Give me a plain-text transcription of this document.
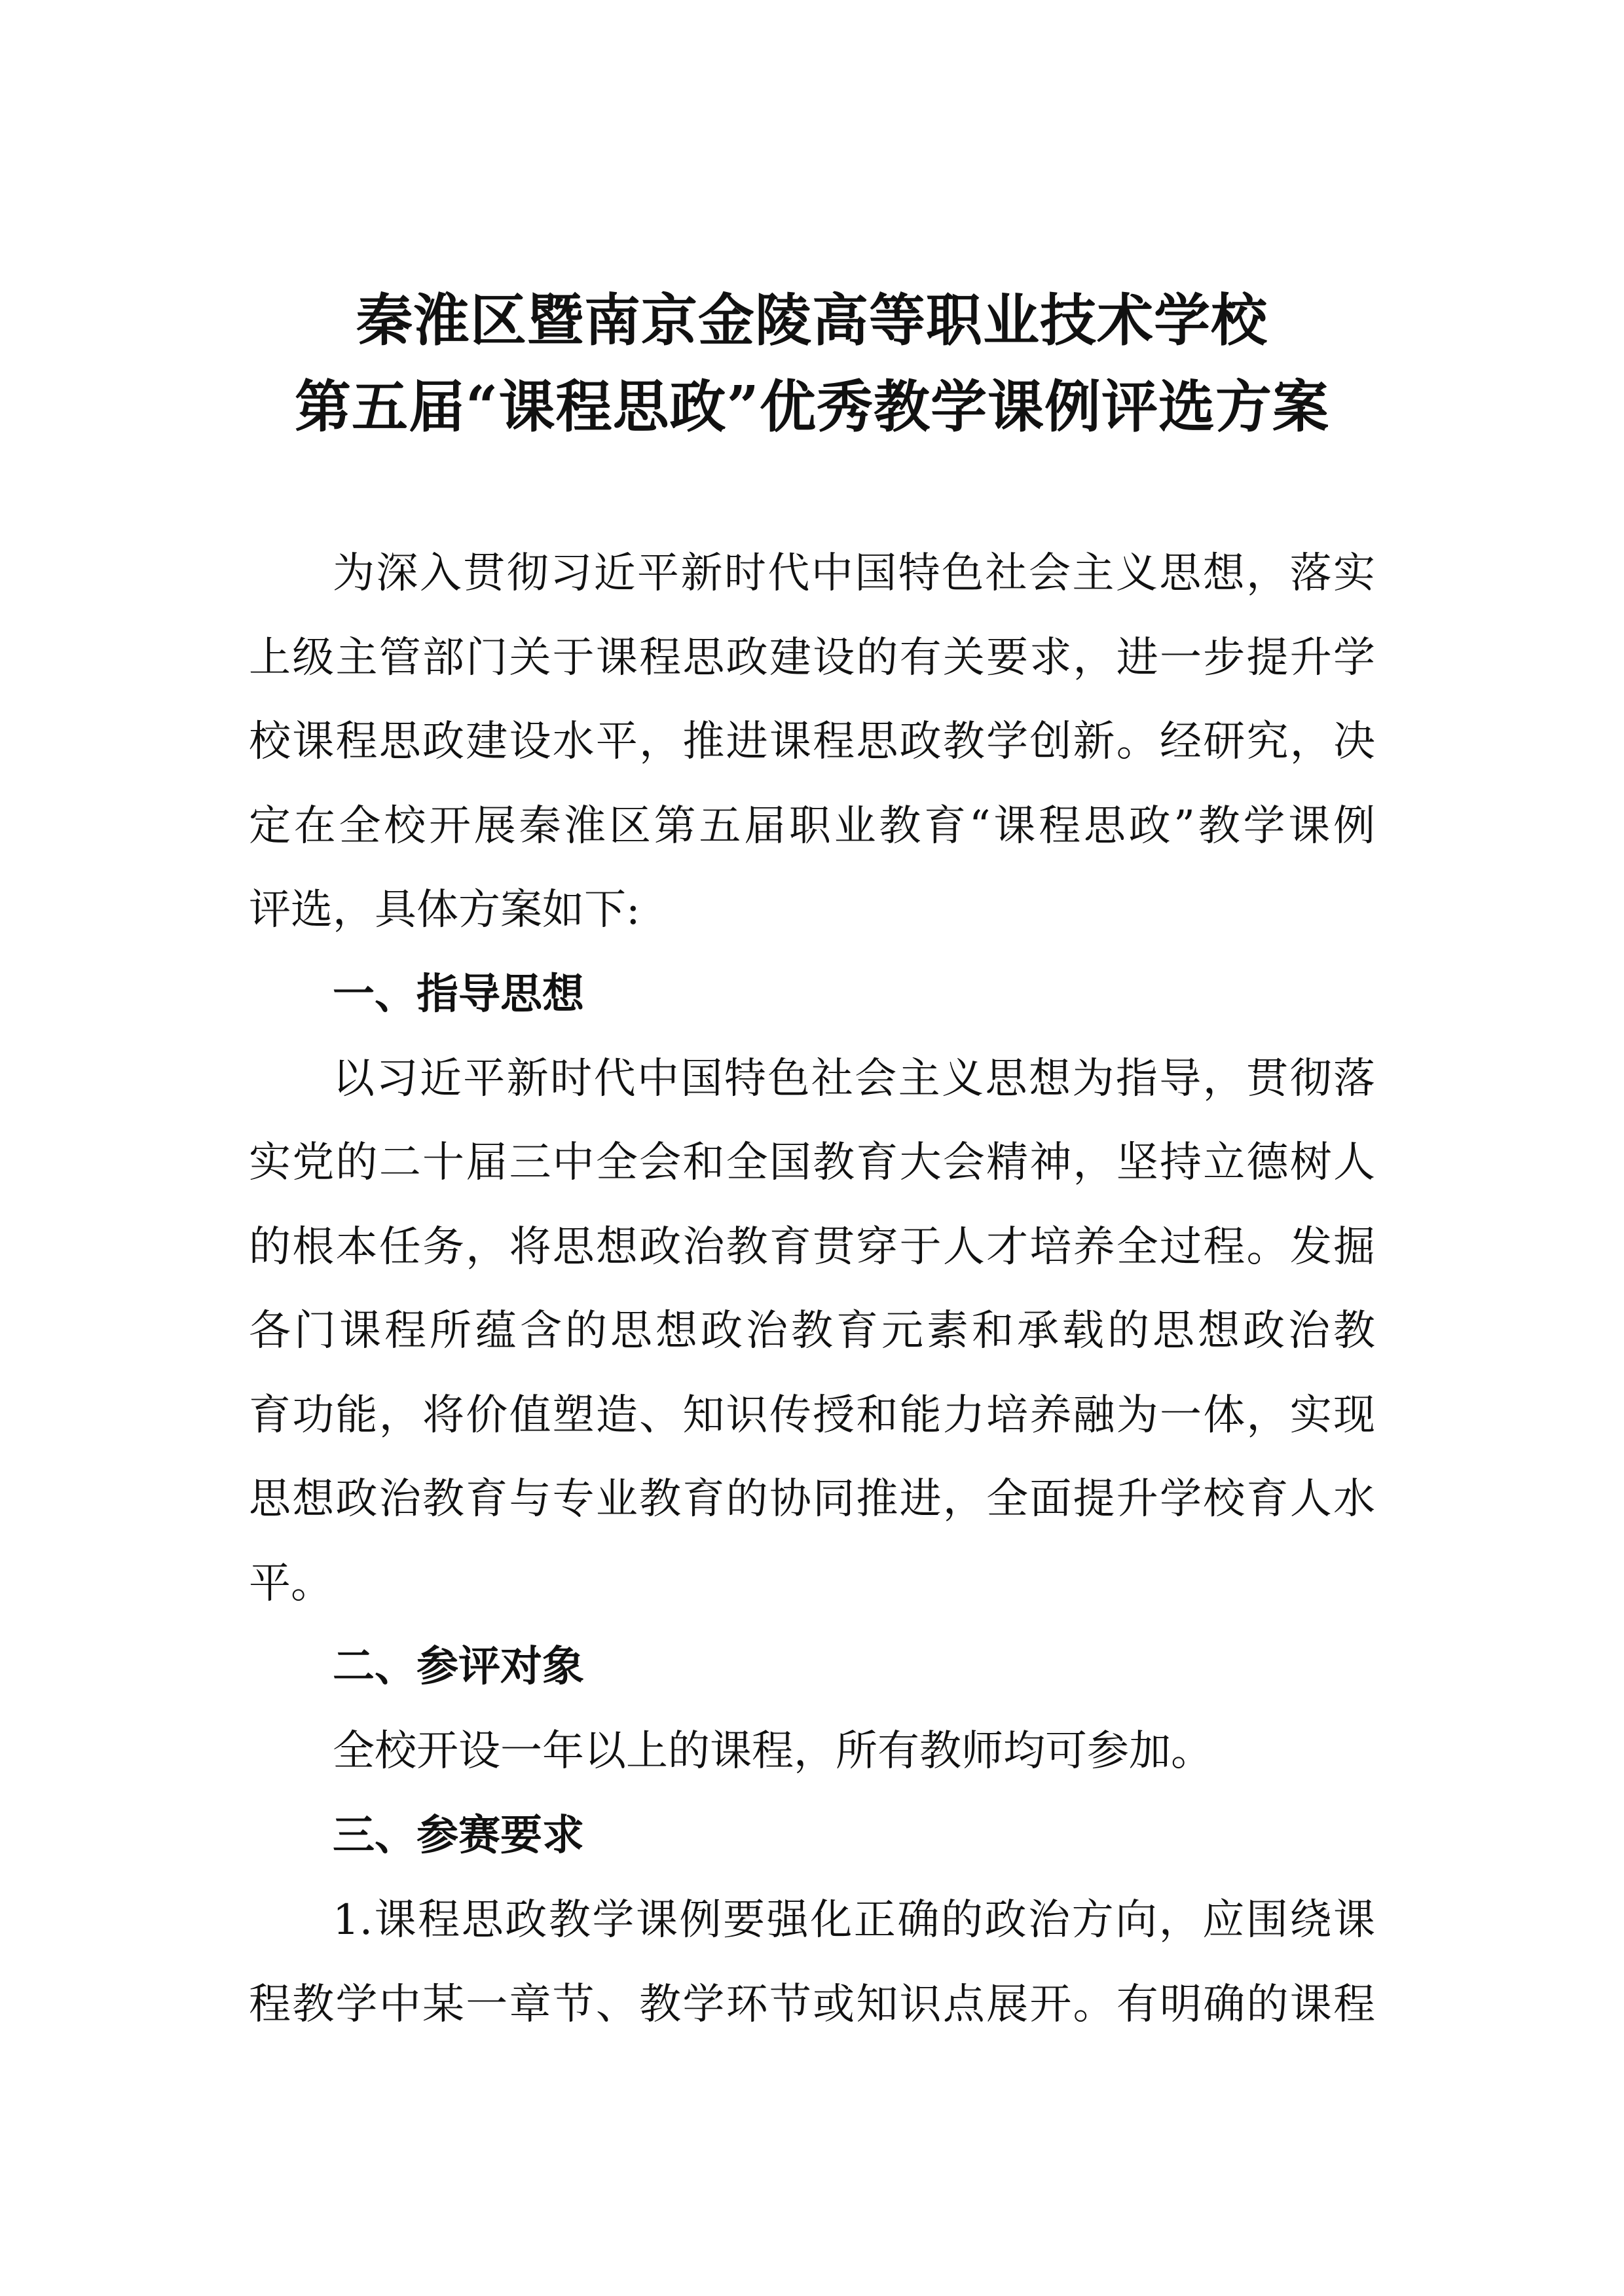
秦淮区暨南京金陵高等职业技术学校
第五届“课程思政”优秀教学课例评选方案
为深入贯彻习近平新时代中国特色社会主义思想，落实
上级主管部门关于课程思政建设的有关要求，进一步提升学
校课程思政建设水平，推进课程思政教学创新。经研究，决
定在全校开展秦淮区第五届职业教育“课程思政”教学课例
评选，具体方案如下:
一、指导思想
以习近平新时代中国特色社会主义思想为指导，贯彻落
实党的二十届三中全会和全国教育大会精神，坚持立德树人
的根本任务，将思想政治教育贯穿于人才培养全过程。发掘
各门课程所蕴含的思想政治教育元素和承载的思想政治教
育功能，将价值塑造、知识传授和能力培养融为一体，实现
思想政治教育与专业教育的协同推进，全面提升学校育人水
平。
二、参评对象
全校开设一年以上的课程，所有教师均可参加。
三、参赛要求
1.课程思政教学课例要强化正确的政治方向，应围绕课
程教学中某一章节、教学环节或知识点展开。有明确的课程
